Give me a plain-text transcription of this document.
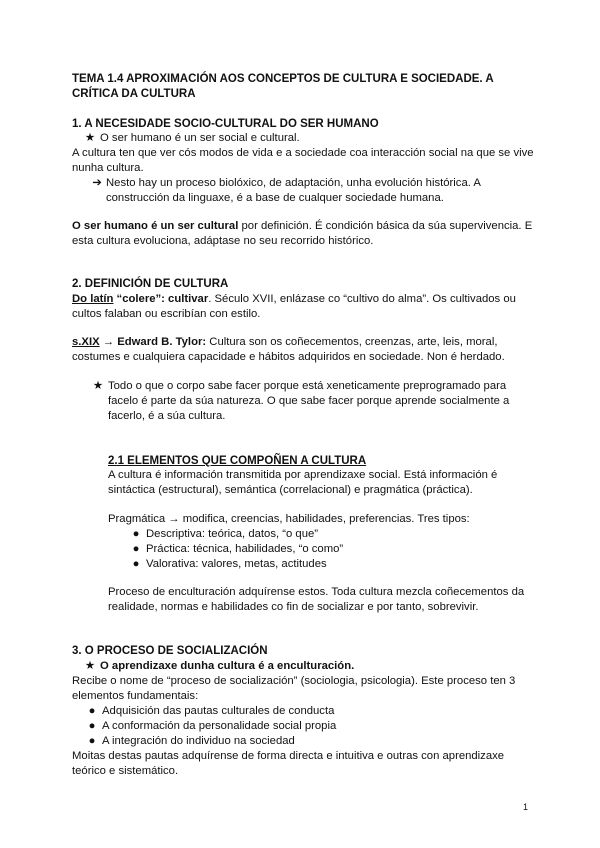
TEMA 1.4 APROXIMACIÓN AOS CONCEPTOS DE CULTURA E SOCIEDADE. A
CRÍTICA DA CULTURA
1. A NECESIDADE SOCIO-CULTURAL DO SER HUMANO
★ O ser humano é un ser social e cultural.
A cultura ten que ver cós modos de vida e a sociedade coa interacción social na que se vive
nunha cultura.
➔ Nesto hay un proceso biolóxico, de adaptación, unha evolución histórica. A
construcción da linguaxe, é a base de cualquer sociedade humana.
O ser humano é un ser cultural por definición. É condición básica da súa supervivencia. E
esta cultura evoluciona, adáptase no seu recorrido histórico.
2. DEFINICIÓN DE CULTURA
Do latín “colere”: cultivar. Século XVII, enlázase co “cultivo do alma”. Os cultivados ou
cultos falaban ou escribían con estilo.
s.XIX → Edward B. Tylor: Cultura son os coñecementos, creenzas, arte, leis, moral,
costumes e cualquiera capacidade e hábitos adquiridos en sociedade. Non é herdado.
★ Todo o que o corpo sabe facer porque está xeneticamente preprogramado para
facelo é parte da súa natureza. O que sabe facer porque aprende socialmente a
facerlo, é a súa cultura.
2.1 ELEMENTOS QUE COMPOÑEN A CULTURA
A cultura é información transmitida por aprendizaxe social. Está información é
sintáctica (estructural), semántica (correlacional) e pragmática (práctica).
Pragmática → modifica, creencias, habilidades, preferencias. Tres tipos:
● Descriptiva: teórica, datos, “o que”
● Práctica: técnica, habilidades, “o como”
● Valorativa: valores, metas, actitudes
Proceso de enculturación adquírense estos. Toda cultura mezcla coñecementos da
realidade, normas e habilidades co fin de socializar e por tanto, sobrevivir.
3. O PROCESO DE SOCIALIZACIÓN
★ O aprendizaxe dunha cultura é a enculturación.
Recibe o nome de “proceso de socialización” (sociologia, psicologia). Este proceso ten 3
elementos fundamentais:
● Adquisición das pautas culturales de conducta
● A conformación da personalidade social propia
● A integración do individuo na sociedad
Moitas destas pautas adquírense de forma directa e intuitiva e outras con aprendizaxe
teórico e sistemático.
1
